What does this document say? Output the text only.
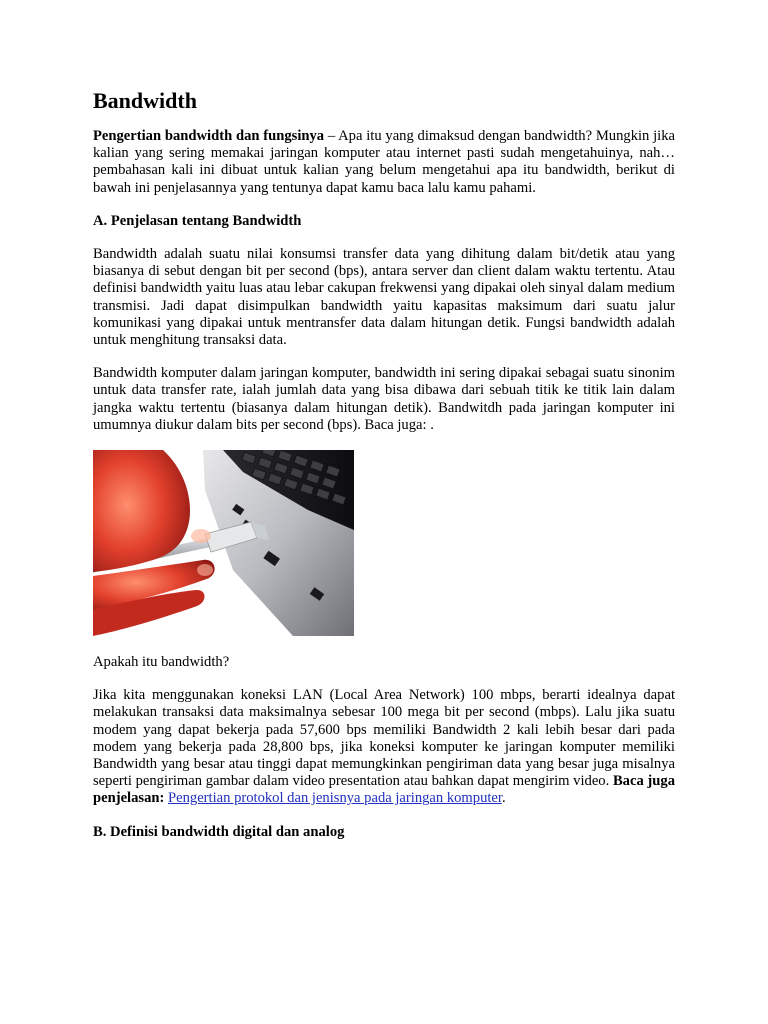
Bandwidth

Pengertian bandwidth dan fungsinya – Apa itu yang dimaksud dengan bandwidth? Mungkin jika kalian yang sering memakai jaringan komputer atau internet pasti sudah mengetahuinya, nah… pembahasan kali ini dibuat untuk kalian yang belum mengetahui apa itu bandwidth, berikut di bawah ini penjelasannya yang tentunya dapat kamu baca lalu kamu pahami.

A. Penjelasan tentang Bandwidth

Bandwidth adalah suatu nilai konsumsi transfer data yang dihitung dalam bit/detik atau yang biasanya di sebut dengan bit per second (bps), antara server dan client dalam waktu tertentu. Atau definisi bandwidth yaitu luas atau lebar cakupan frekwensi yang dipakai oleh sinyal dalam medium transmisi. Jadi dapat disimpulkan bandwidth yaitu kapasitas maksimum dari suatu jalur komunikasi yang dipakai untuk mentransfer data dalam hitungan detik. Fungsi bandwidth adalah untuk menghitung transaksi data.

Bandwidth komputer dalam jaringan komputer, bandwidth ini sering dipakai sebagai suatu sinonim untuk data transfer rate, ialah jumlah data yang bisa dibawa dari sebuah titik ke titik lain dalam jangka waktu tertentu (biasanya dalam hitungan detik). Bandwitdh pada jaringan komputer ini umumnya diukur dalam bits per second (bps). Baca juga: .

Apakah itu bandwidth?

Jika kita menggunakan koneksi LAN (Local Area Network) 100 mbps, berarti idealnya dapat melakukan transaksi data maksimalnya sebesar 100 mega bit per second (mbps). Lalu jika suatu modem yang dapat bekerja pada 57,600 bps memiliki Bandwidth 2 kali lebih besar dari pada modem yang bekerja pada 28,800 bps, jika koneksi komputer ke jaringan komputer memiliki Bandwidth yang besar atau tinggi dapat memungkinkan pengiriman data yang besar juga misalnya seperti pengiriman gambar dalam video presentation atau bahkan dapat mengirim video. Baca juga penjelasan: Pengertian protokol dan jenisnya pada jaringan komputer.

B. Definisi bandwidth digital dan analog
